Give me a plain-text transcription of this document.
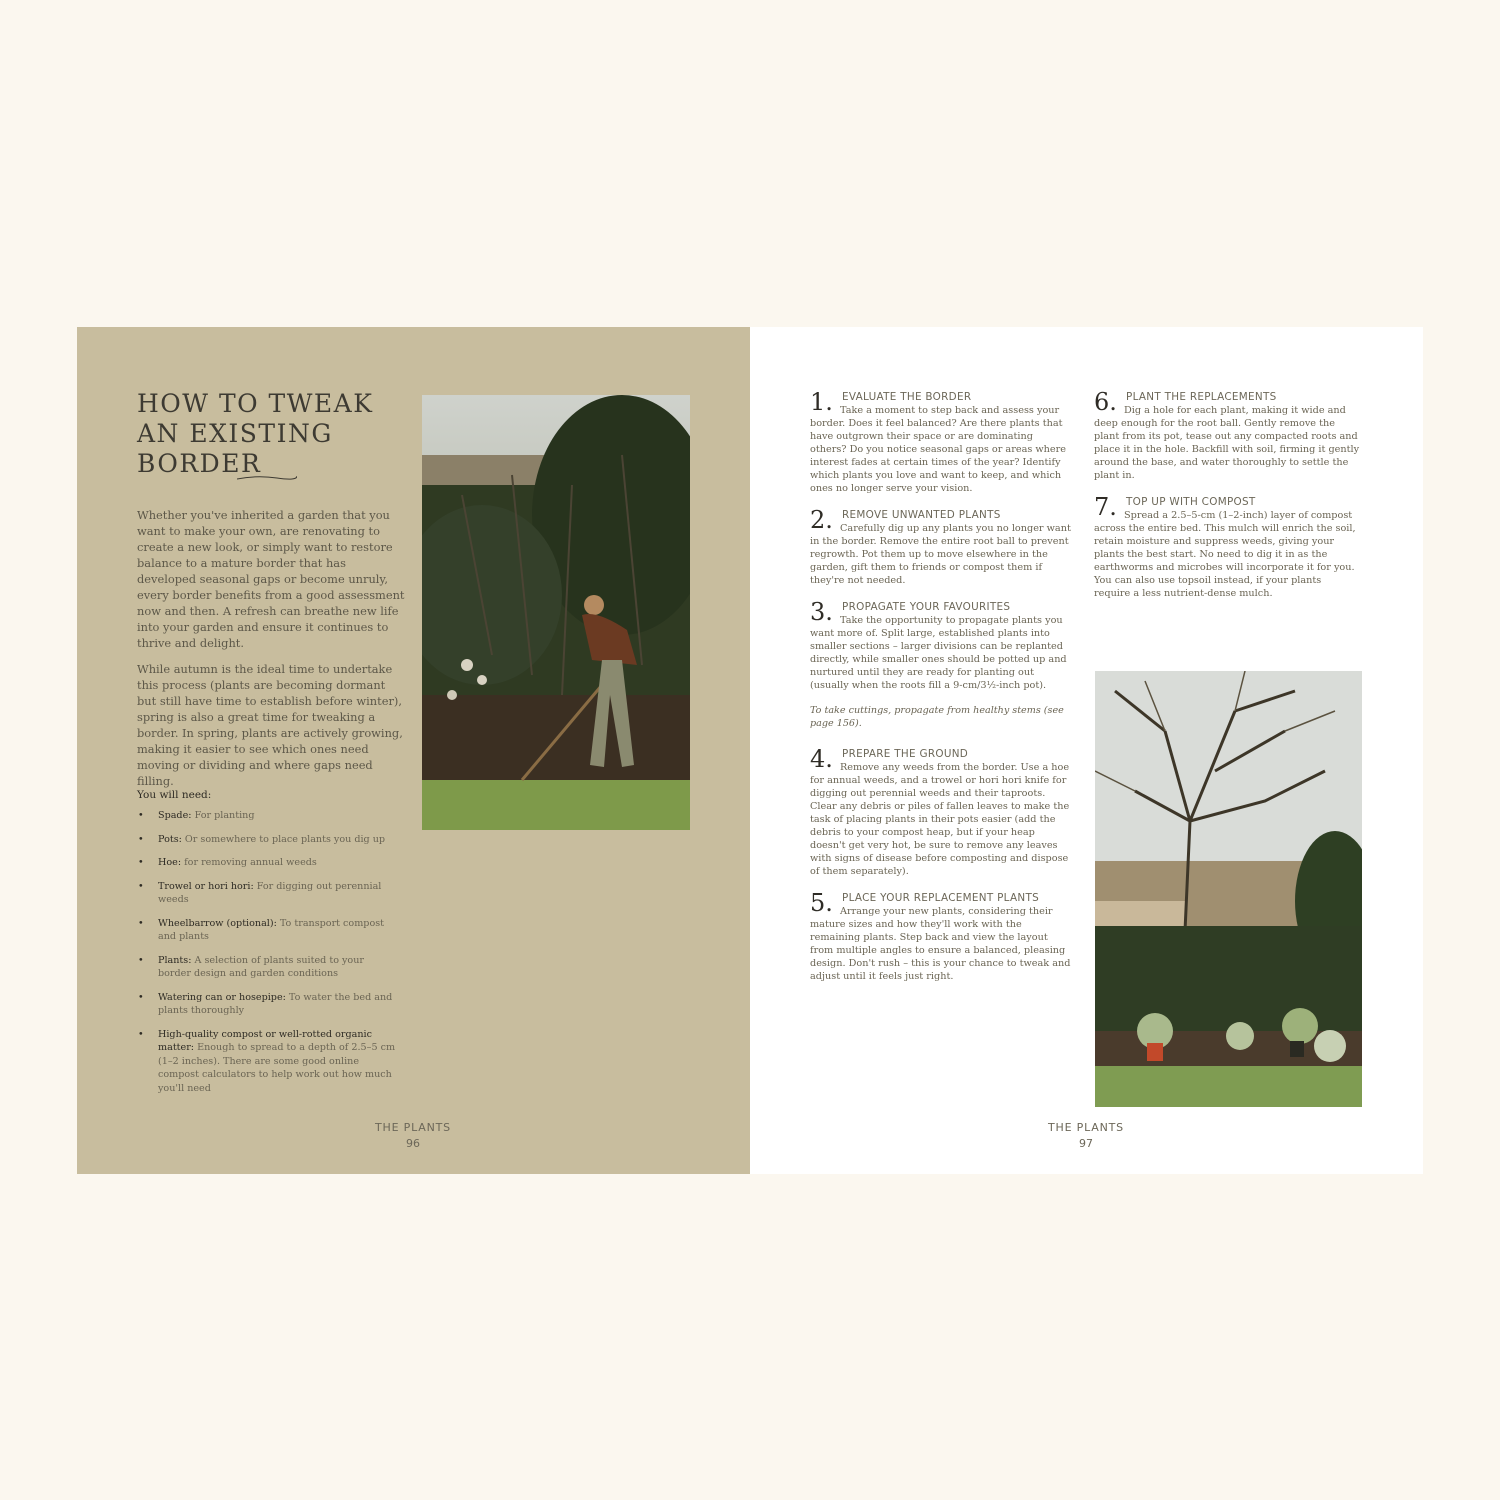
HOW TO TWEAK AN EXISTING BORDER

Whether you've inherited a garden that you want to make your own, are renovating to create a new look, or simply want to restore balance to a mature border that has developed seasonal gaps or become unruly, every border benefits from a good assessment now and then. A refresh can breathe new life into your garden and ensure it continues to thrive and delight.

While autumn is the ideal time to undertake this process (plants are becoming dormant but still have time to establish before winter), spring is also a great time for tweaking a border. In spring, plants are actively growing, making it easier to see which ones need moving or dividing and where gaps need filling.

You will need:
• Spade: For planting
• Pots: Or somewhere to place plants you dig up
• Hoe: for removing annual weeds
• Trowel or hori hori: For digging out perennial weeds
• Wheelbarrow (optional): To transport compost and plants
• Plants: A selection of plants suited to your border design and garden conditions
• Watering can or hosepipe: To water the bed and plants thoroughly
• High-quality compost or well-rotted organic matter: Enough to spread to a depth of 2.5–5 cm (1–2 inches). There are some good online compost calculators to help work out how much you'll need
THE PLANTS
96
1. EVALUATE THE BORDER
Take a moment to step back and assess your border. Does it feel balanced? Are there plants that have outgrown their space or are dominating others? Do you notice seasonal gaps or areas where interest fades at certain times of the year? Identify which plants you love and want to keep, and which ones no longer serve your vision.
2. REMOVE UNWANTED PLANTS
Carefully dig up any plants you no longer want in the border. Remove the entire root ball to prevent regrowth. Pot them up to move elsewhere in the garden, gift them to friends or compost them if they're not needed.
3. PROPAGATE YOUR FAVOURITES
Take the opportunity to propagate plants you want more of. Split large, established plants into smaller sections – larger divisions can be replanted directly, while smaller ones should be potted up and nurtured until they are ready for planting out (usually when the roots fill a 9-cm/3½-inch pot).
To take cuttings, propagate from healthy stems (see page 156).
4. PREPARE THE GROUND
Remove any weeds from the border. Use a hoe for annual weeds, and a trowel or hori hori knife for digging out perennial weeds and their taproots. Clear any debris or piles of fallen leaves to make the task of placing plants in their pots easier (add the debris to your compost heap, but if your heap doesn't get very hot, be sure to remove any leaves with signs of disease before composting and dispose of them separately).
5. PLACE YOUR REPLACEMENT PLANTS
Arrange your new plants, considering their mature sizes and how they'll work with the remaining plants. Step back and view the layout from multiple angles to ensure a balanced, pleasing design. Don't rush – this is your chance to tweak and adjust until it feels just right.
6. PLANT THE REPLACEMENTS
Dig a hole for each plant, making it wide and deep enough for the root ball. Gently remove the plant from its pot, tease out any compacted roots and place it in the hole. Backfill with soil, firming it gently around the base, and water thoroughly to settle the plant in.
7. TOP UP WITH COMPOST
Spread a 2.5–5-cm (1–2-inch) layer of compost across the entire bed. This mulch will enrich the soil, retain moisture and suppress weeds, giving your plants the best start. No need to dig it in as the earthworms and microbes will incorporate it for you. You can also use topsoil instead, if your plants require a less nutrient-dense mulch.
THE PLANTS
97
